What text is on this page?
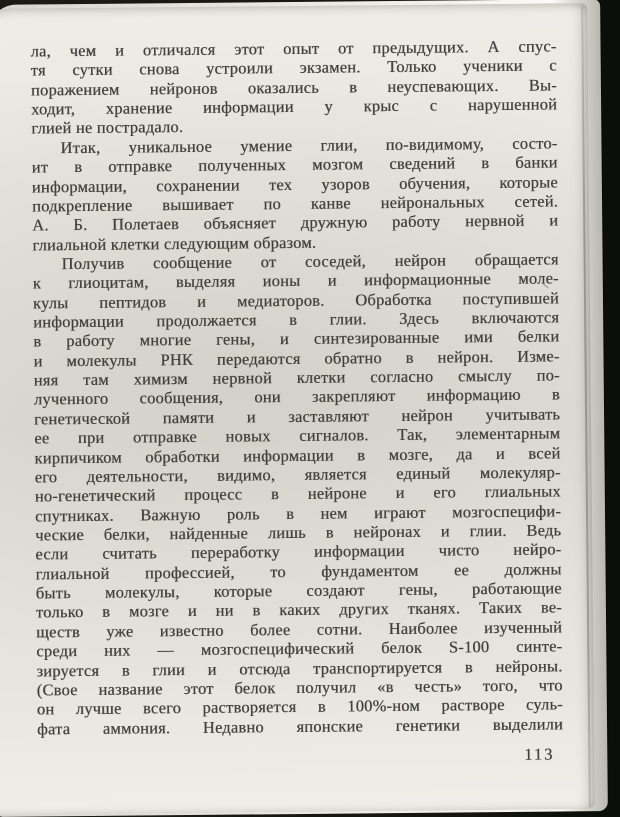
ла, чем и отличался этот опыт от предыдущих. А спус-
тя сутки снова устроили экзамен. Только ученики с
поражением нейронов оказались в неуспевающих. Вы-
ходит, хранение информации у крыс с нарушенной
глией не пострадало.
Итак, уникальное умение глии, по-видимому, состо-
ит в отправке полученных мозгом сведений в банки
информации, сохранении тех узоров обучения, которые
подкрепление вышивает по канве нейрональных сетей.
А. Б. Полетаев объясняет дружную работу нервной и
глиальной клетки следующим образом.
Получив сообщение от соседей, нейрон обращается
к глиоцитам, выделяя ионы и информационные моле-
кулы пептидов и медиаторов. Обработка поступившей
информации продолжается в глии. Здесь включаются
в работу многие гены, и синтезированные ими белки
и молекулы РНК передаются обратно в нейрон. Изме-
няя там химизм нервной клетки согласно смыслу по-
лученного сообщения, они закрепляют информацию в
генетической памяти и заставляют нейрон учитывать
ее при отправке новых сигналов. Так, элементарным
кирпичиком обработки информации в мозге, да и всей
его деятельности, видимо, является единый молекуляр-
но-генетический процесс в нейроне и его глиальных
спутниках. Важную роль в нем играют мозгоспецифи-
ческие белки, найденные лишь в нейронах и глии. Ведь
если считать переработку информации чисто нейро-
глиальной профессией, то фундаментом ее должны
быть молекулы, которые создают гены, работающие
только в мозге и ни в каких других тканях. Таких ве-
ществ уже известно более сотни. Наиболее изученный
среди них — мозгоспецифический белок S-100 синте-
зируется в глии и отсюда транспортируется в нейроны.
(Свое название этот белок получил «в честь» того, что
он лучше всего растворяется в 100%-ном растворе суль-
фата аммония. Недавно японские генетики выделили
113
